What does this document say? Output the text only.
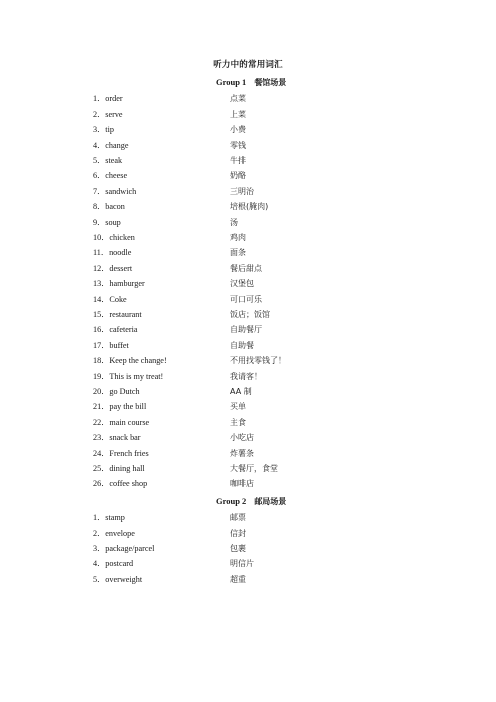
听力中的常用词汇
Group 1 餐馆场景
1．order	点菜
2．serve	上菜
3．tip	小费
4．change	零钱
5．steak	牛排
6．cheese	奶酪
7．sandwich	三明治
8．bacon	培根(腌肉)
9．soup	汤
10．chicken	鸡肉
11．noodle	面条
12．dessert	餐后甜点
13．hamburger	汉堡包
14．Coke	可口可乐
15．restaurant	饭店；饭馆
16．cafeteria	自助餐厅
17．buffet	自助餐
18．Keep the change!	不用找零钱了！
19．This is my treat!	我请客！
20．go Dutch	AA 制
21．pay the bill	买单
22．main course	主食
23．snack bar	小吃店
24．French fries	炸薯条
25．dining hall	大餐厅，食堂
26．coffee shop	咖啡店
Group 2 邮局场景
1．stamp	邮票
2．envelope	信封
3．package/parcel	包裹
4．postcard	明信片
5．overweight	超重
